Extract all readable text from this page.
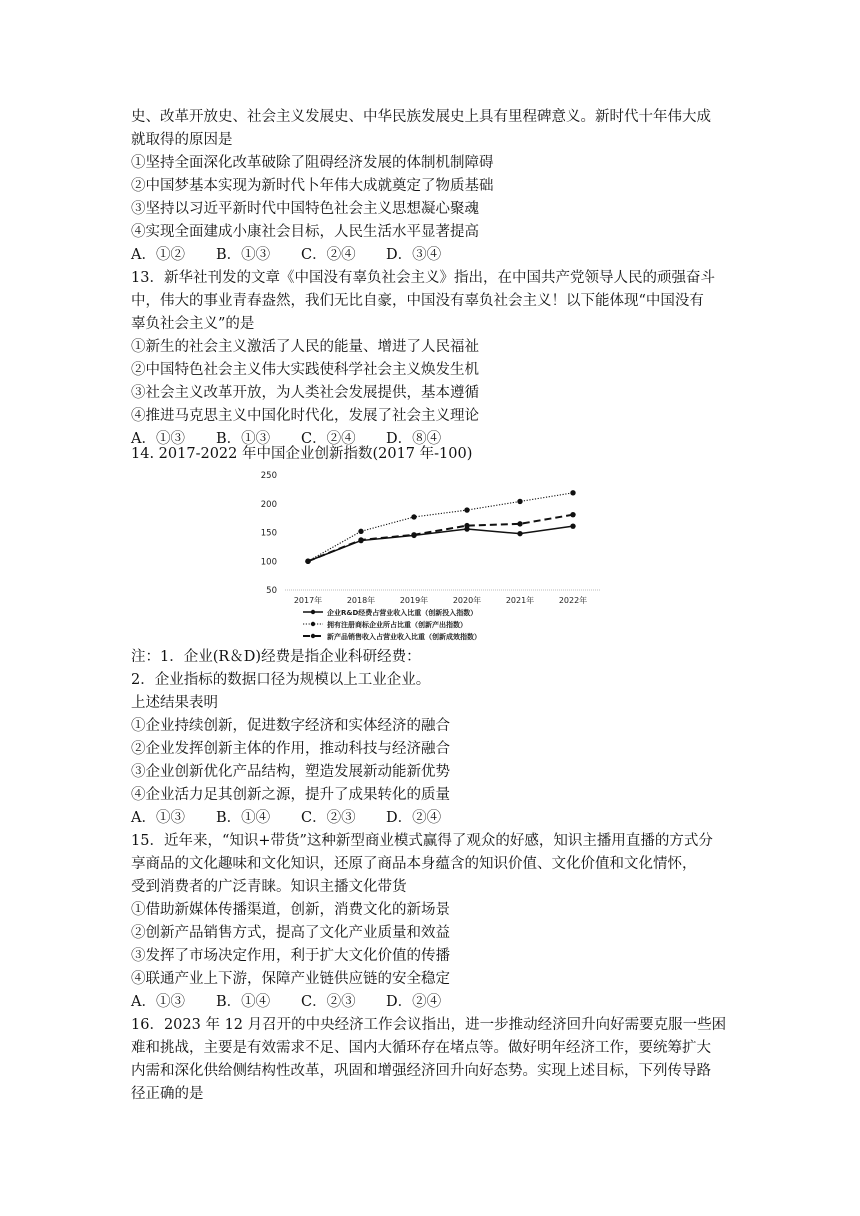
史、改革开放史、社会主义发展史、中华民族发展史上具有里程碑意义。新时代十年伟大成
就取得的原因是
①坚持全面深化改革破除了阻碍经济发展的体制机制障碍
②中国梦基本实现为新时代卜年伟大成就奠定了物质基础
③坚持以习近平新时代中国特色社会主义思想凝心聚魂
④实现全面建成小康社会目标，人民生活水平显著提高
A．①② B．①③ C．②④ D．③④
13．新华社刊发的文章《中国没有辜负社会主义》指出，在中国共产党领导人民的顽强奋斗
中，伟大的事业青春盎然，我们无比自豪，中国没有辜负社会主义！以下能体现“中国没有
辜负社会主义”的是
①新生的社会主义激活了人民的能量、增进了人民福祉
②中国特色社会主义伟大实践使科学社会主义焕发生机
③社会主义改革开放，为人类社会发展提供，基本遵循
④推进马克思主义中国化时代化，发展了社会主义理论
A．①③ B．①③ C．②④ D．⑧④
14. 2017-2022 年中国企业创新指数(2017 年-100)
250
200
150
100
50
2017年	2018年	2019年	2020年	2021年	2022年
企业R&D经费占营业收入比重（创新投入指数）
拥有注册商标企业所占比重（创新产出指数）
新产品销售收入占营业收入比重（创新成效指数）
注：1．企业(R＆D)经费是指企业科研经费：
2．企业指标的数据口径为规模以上工业企业。
上述结果表明
①企业持续创新，促进数字经济和实体经济的融合
②企业发挥创新主体的作用，推动科技与经济融合
③企业创新优化产品结构，塑造发展新动能新优势
④企业活力足其创新之源，提升了成果转化的质量
A．①③ B．①④ C．②③ D．②④
15．近年来，“知识+带货”这种新型商业模式赢得了观众的好感，知识主播用直播的方式分
享商品的文化趣味和文化知识，还原了商品本身蕴含的知识价值、文化价值和文化情怀，
受到消费者的广泛青睐。知识主播文化带货
①借助新媒体传播渠道，创新，消费文化的新场景
②创新产品销售方式，提高了文化产业质量和效益
③发挥了市场决定作用，利于扩大文化价值的传播
④联通产业上下游，保障产业链供应链的安全稳定
A．①③ B．①④ C．②③ D．②④
16．2023 年 12 月召开的中央经济工作会议指出，进一步推动经济回升向好需要克服一些困
难和挑战，主要是有效需求不足、国内大循环存在堵点等。做好明年经济工作，要统筹扩大
内需和深化供给侧结构性改革，巩固和增强经济回升向好态势。实现上述目标，下列传导路
径正确的是
